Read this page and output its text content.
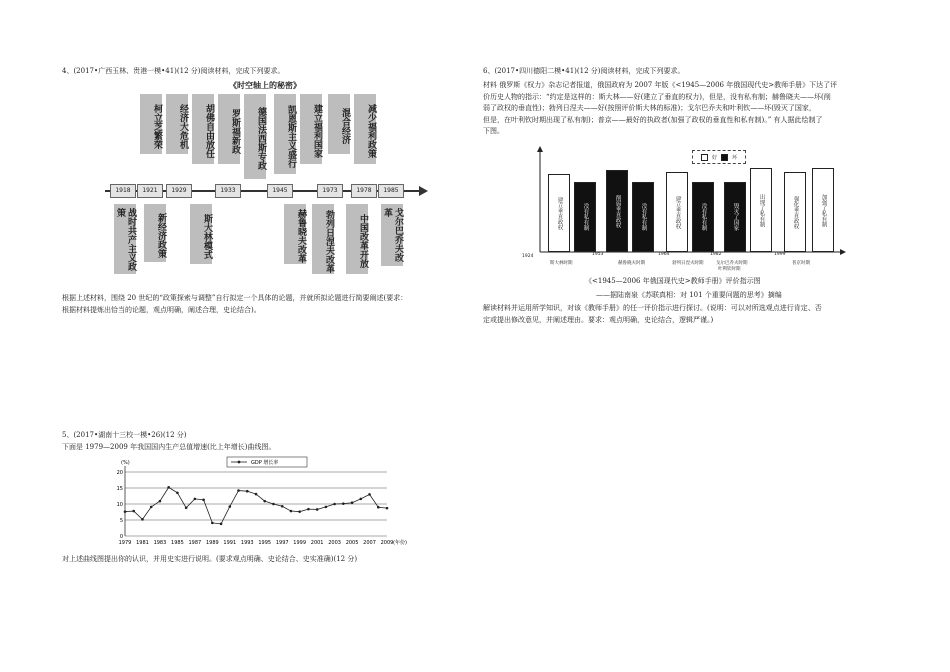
4、(2017•广西玉林、贵港一模•41)(12 分)阅读材料，完成下列要求。
《时空轴上的秘密》
柯立芝繁荣	经济大危机	胡佛自由放任	罗斯福新政	德国法西斯专政	凯恩斯主义盛行	建立福利国家	混合经济	减少福利政策
1918	1921	1929	1933	1945	1973	1978	1985
战时共产主义政策	新经济政策	斯大林模式	赫鲁晓夫改革	勃列日涅夫改革	中国改革开放	戈尔巴乔夫改革
根据上述材料，围绕 20 世纪的“政策探索与调整”自行拟定一个具体的论题，并就所拟论题进行简要阐述(要求：
根据材料提炼出恰当的论题，观点明确，阐述合理，史论结合)。
5、(2017•湖南十三校一模•26)(12 分)
下面是 1979—2009 年我国国内生产总值增速(比上年增长)曲线图。
0
5
10
15
20
(%)
1979 1981 1983 1985 1987 1989 1991 1993 1995 1997 1999 2001 2003 2005 2007 2009 (年份)
GDP 增长率
对上述曲线图提出你的认识，并用史实进行说明。(要求观点明确、史论结合、史实准确)(12 分)
6、(2017•四川德阳二模•41)(12 分)阅读材料，完成下列要求。
材料 俄罗斯《权力》杂志记者报道，俄国政府为 2007 年版《<1945—2006 年俄国现代史>教师手册》下达了评
价历史人物的指示：“约定是这样的：斯大林——好(建立了垂直的权力)，但是，没有私有制；赫鲁晓夫——坏(削
弱了政权的垂直性)；勃列日涅夫——好(按照评价斯大林的标准)；戈尔巴乔夫和叶利钦——坏(毁灭了国家，
但是，在叶利钦时期出现了私有制)；普京——最好的执政者(加强了政权的垂直性和私有制)。” 有人据此绘制了
下图。
好	坏
建立垂直政权	没有私有制	削弱垂直政权	没有私有制	建立垂直政权	没有私有制	毁灭了国家	出现了私有制	强化垂直政权	加强了私有制
1924
斯大林时期
1953
赫鲁晓夫时期
1964
勃列日涅夫时期
1982
戈尔巴乔夫时期
叶利钦时期
1999
普京时期
《<1945—2006 年俄国现代史>教师手册》评价指示图
——据陆南泉《苏联真相：对 101 个重要问题的思考》摘编
解读材料并运用所学知识，对该《教师手册》的任一评价指示进行探讨。(说明：可以对所选观点进行肯定、否
定或提出修改意见，并阐述理由。要求：观点明确，史论结合，逻辑严谨。)
